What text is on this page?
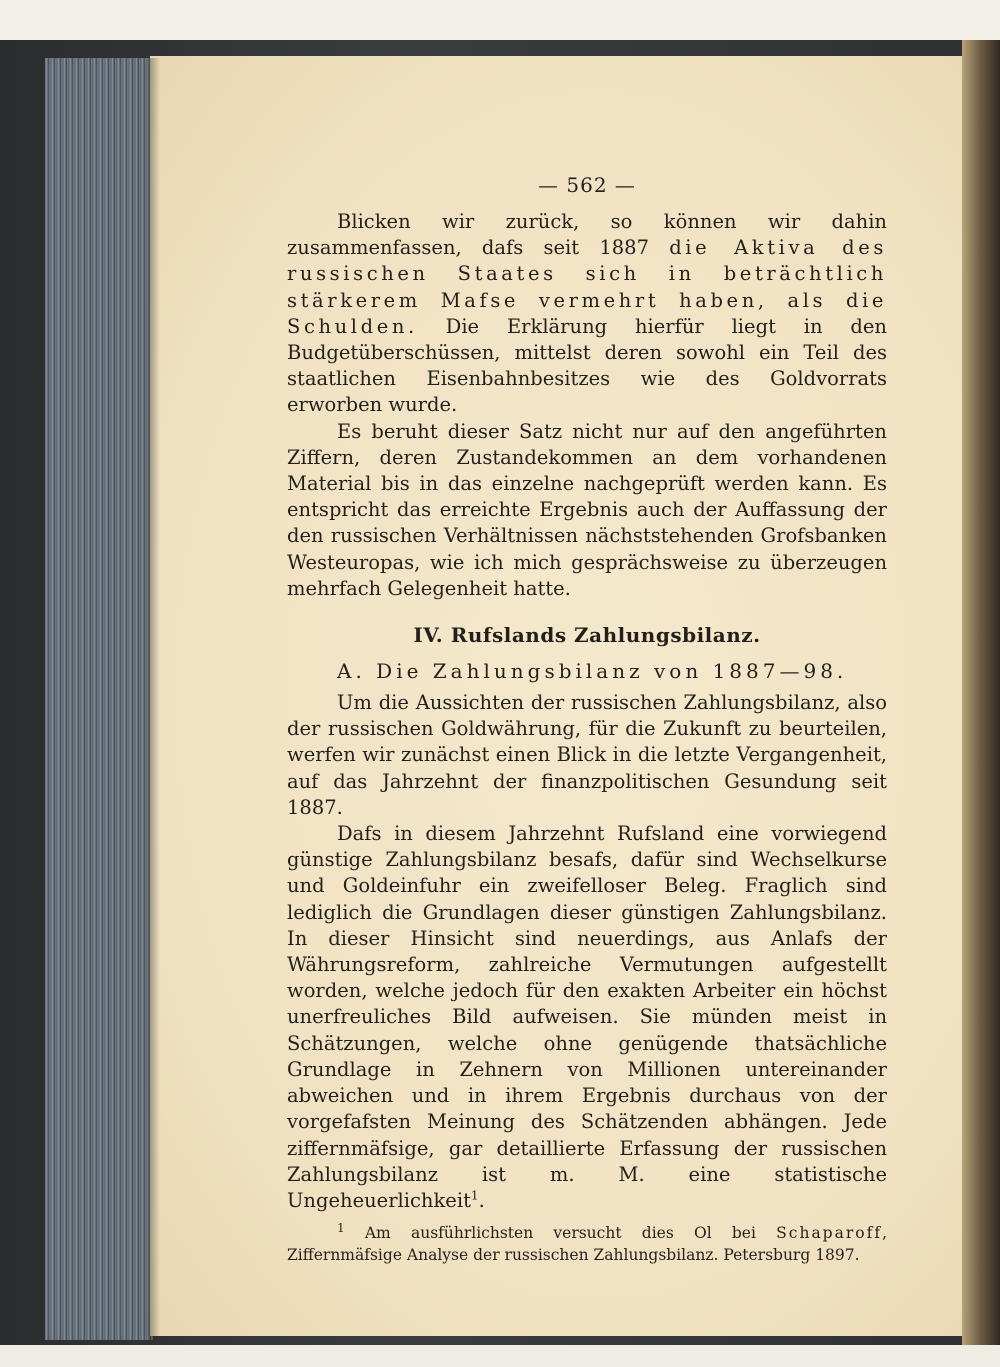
— 562 —

Blicken wir zurück, so können wir dahin zusammenfassen, dafs seit 1887 die Aktiva des russischen Staates sich in beträchtlich stärkerem Mafse vermehrt haben, als die Schulden. Die Erklärung hierfür liegt in den Budgetüberschüssen, mittelst deren sowohl ein Teil des staatlichen Eisenbahnbesitzes wie des Goldvorrats erworben wurde.

Es beruht dieser Satz nicht nur auf den angeführten Ziffern, deren Zustandekommen an dem vorhandenen Material bis in das einzelne nachgeprüft werden kann. Es entspricht das erreichte Ergebnis auch der Auffassung der den russischen Verhältnissen nächststehenden Grofsbanken Westeuropas, wie ich mich gesprächsweise zu überzeugen mehrfach Gelegenheit hatte.

IV. Rufslands Zahlungsbilanz.
A. Die Zahlungsbilanz von 1887—98.

Um die Aussichten der russischen Zahlungsbilanz, also der russischen Goldwährung, für die Zukunft zu beurteilen, werfen wir zunächst einen Blick in die letzte Vergangenheit, auf das Jahrzehnt der finanzpolitischen Gesundung seit 1887.

Dafs in diesem Jahrzehnt Rufsland eine vorwiegend günstige Zahlungsbilanz besafs, dafür sind Wechselkurse und Goldeinfuhr ein zweifelloser Beleg. Fraglich sind lediglich die Grundlagen dieser günstigen Zahlungsbilanz. In dieser Hinsicht sind neuerdings, aus Anlafs der Währungsreform, zahlreiche Vermutungen aufgestellt worden, welche jedoch für den exakten Arbeiter ein höchst unerfreuliches Bild aufweisen. Sie münden meist in Schätzungen, welche ohne genügende thatsächliche Grundlage in Zehnern von Millionen untereinander abweichen und in ihrem Ergebnis durchaus von der vorgefafsten Meinung des Schätzenden abhängen. Jede ziffernmäfsige, gar detaillierte Erfassung der russischen Zahlungsbilanz ist m. M. eine statistische Ungeheuerlichkeit$^1$.

$^1$ Am ausführlichsten versucht dies Ol bei Schaparoff, Ziffernmäfsige Analyse der russischen Zahlungsbilanz. Petersburg 1897.
